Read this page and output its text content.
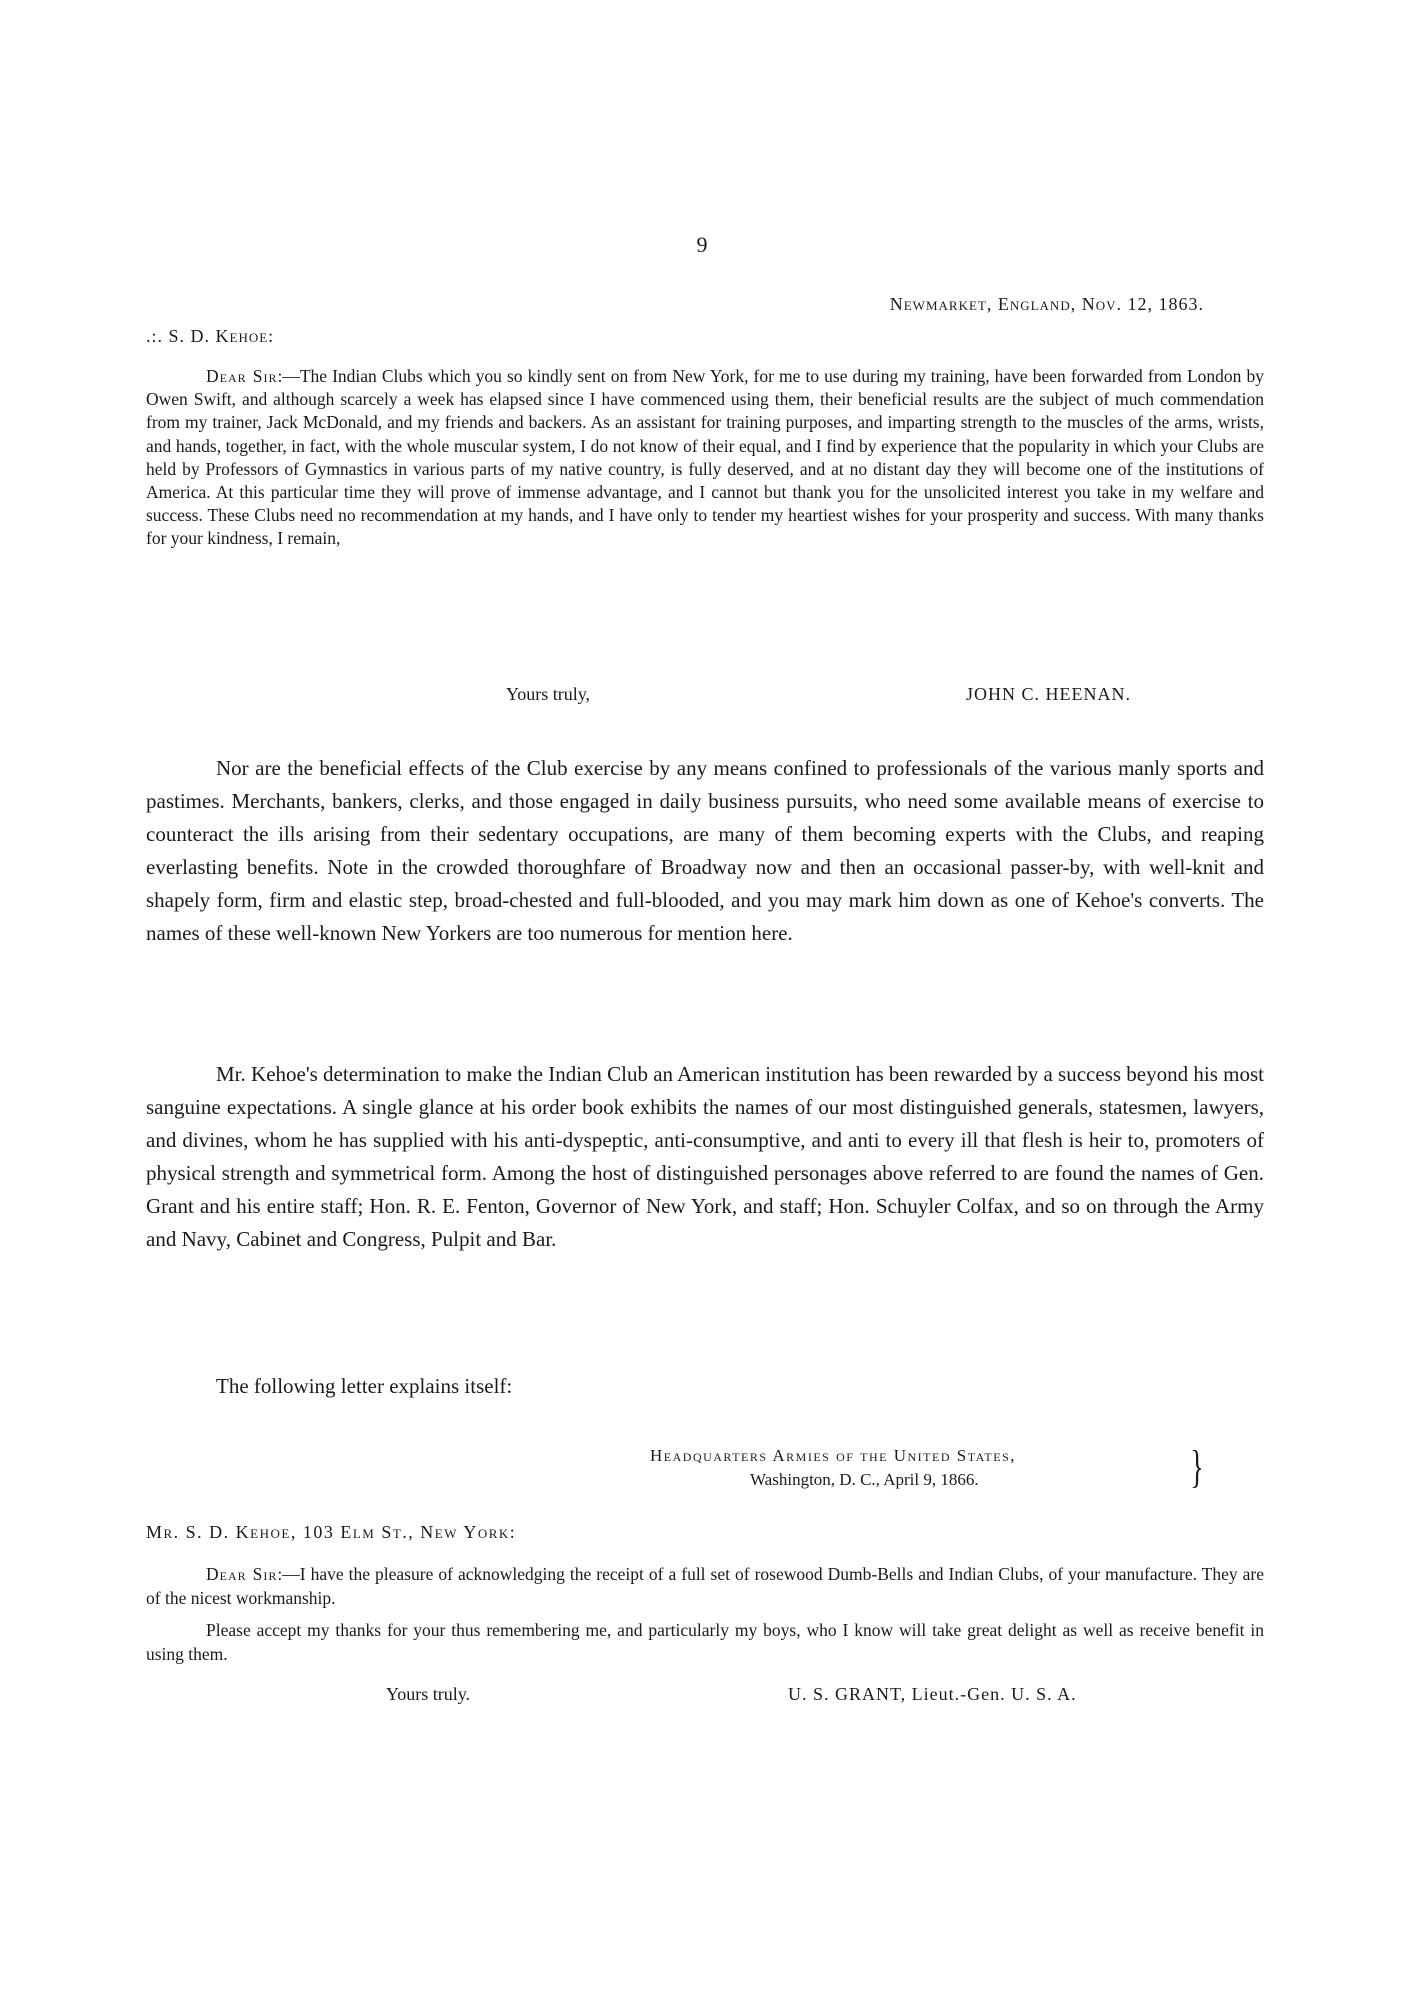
9
Newmarket, England, Nov. 12, 1863.
.:. S. D. Kehoe:
Dear Sir:—The Indian Clubs which you so kindly sent on from New York, for me to use during my training, have been forwarded from London by Owen Swift, and although scarcely a week has elapsed since I have commenced using them, their beneficial results are the subject of much commendation from my trainer, Jack McDonald, and my friends and backers. As an assistant for training purposes, and imparting strength to the muscles of the arms, wrists, and hands, together, in fact, with the whole muscular system, I do not know of their equal, and I find by experience that the popularity in which your Clubs are held by Professors of Gymnastics in various parts of my native country, is fully deserved, and at no distant day they will become one of the institutions of America. At this particular time they will prove of immense advantage, and I cannot but thank you for the unsolicited interest you take in my welfare and success. These Clubs need no recommendation at my hands, and I have only to tender my heartiest wishes for your prosperity and success. With many thanks for your kindness, I remain,
Yours truly,	JOHN C. HEENAN.
Nor are the beneficial effects of the Club exercise by any means confined to professionals of the various manly sports and pastimes. Merchants, bankers, clerks, and those engaged in daily business pursuits, who need some available means of exercise to counteract the ills arising from their sedentary occupations, are many of them becoming experts with the Clubs, and reaping everlasting benefits. Note in the crowded thoroughfare of Broadway now and then an occasional passer-by, with well-knit and shapely form, firm and elastic step, broad-chested and full-blooded, and you may mark him down as one of Kehoe's converts. The names of these well-known New Yorkers are too numerous for mention here.
Mr. Kehoe's determination to make the Indian Club an American institution has been rewarded by a success beyond his most sanguine expectations. A single glance at his order book exhibits the names of our most distinguished generals, statesmen, lawyers, and divines, whom he has supplied with his anti-dyspeptic, anti-consumptive, and anti to every ill that flesh is heir to, promoters of physical strength and symmetrical form. Among the host of distinguished personages above referred to are found the names of Gen. Grant and his entire staff; Hon. R. E. Fenton, Governor of New York, and staff; Hon. Schuyler Colfax, and so on through the Army and Navy, Cabinet and Congress, Pulpit and Bar.
The following letter explains itself:
Headquarters Armies of the United States,
Washington, D. C., April 9, 1866.	}
Mr. S. D. Kehoe, 103 Elm St., New York:

Dear Sir:—I have the pleasure of acknowledging the receipt of a full set of rosewood Dumb-Bells and Indian Clubs, of your manufacture. They are of the nicest workmanship.

Please accept my thanks for your thus remembering me, and particularly my boys, who I know will take great delight as well as receive benefit in using them.

Yours truly.	U. S. GRANT, Lieut.-Gen. U. S. A.
